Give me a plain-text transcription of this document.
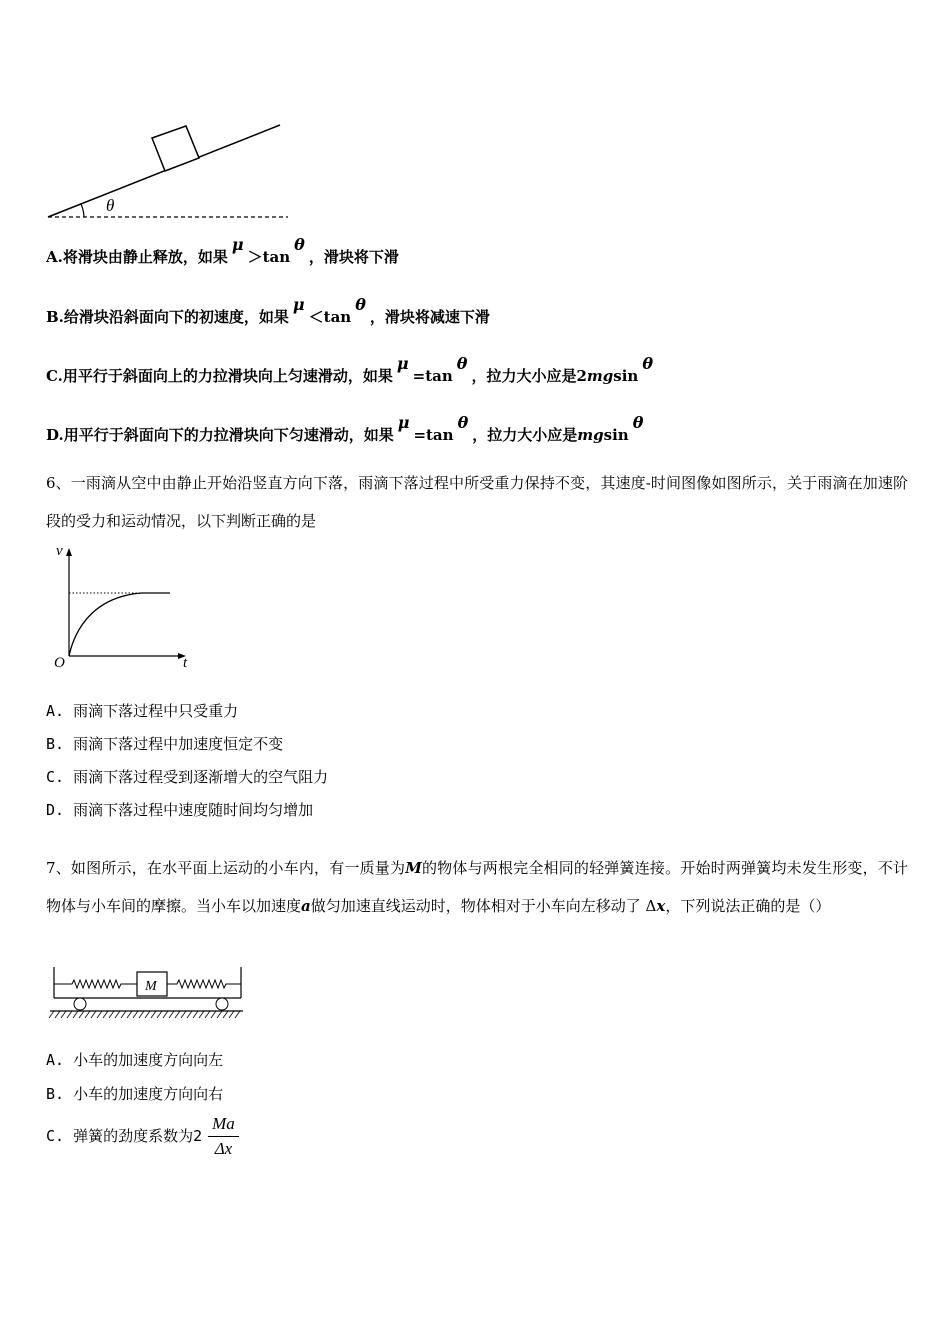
θ
A.将滑块由静止释放，如果μ＞tanθ，滑块将下滑
B.给滑块沿斜面向下的初速度，如果μ＜tanθ，滑块将减速下滑
C.用平行于斜面向上的力拉滑块向上匀速滑动，如果μ=tanθ，拉力大小应是2mgsinθ
D.用平行于斜面向下的力拉滑块向下匀速滑动，如果μ=tanθ，拉力大小应是mgsinθ
6、一雨滴从空中由静止开始沿竖直方向下落，雨滴下落过程中所受重力保持不变，其速度-时间图像如图所示，关于雨滴在加速阶段的受力和运动情况，以下判断正确的是
v
t
O
A. 雨滴下落过程中只受重力
B. 雨滴下落过程中加速度恒定不变
C. 雨滴下落过程受到逐渐增大的空气阻力
D. 雨滴下落过程中速度随时间均匀增加
7、如图所示，在水平面上运动的小车内，有一质量为M的物体与两根完全相同的轻弹簧连接。开始时两弹簧均未发生形变，不计物体与小车间的摩擦。当小车以加速度a做匀加速直线运动时，物体相对于小车向左移动了 Δx，下列说法正确的是（）
M
A. 小车的加速度方向向左
B. 小车的加速度方向向右
C. 弹簧的劲度系数为$2 \frac{Ma}{\Delta x}$
